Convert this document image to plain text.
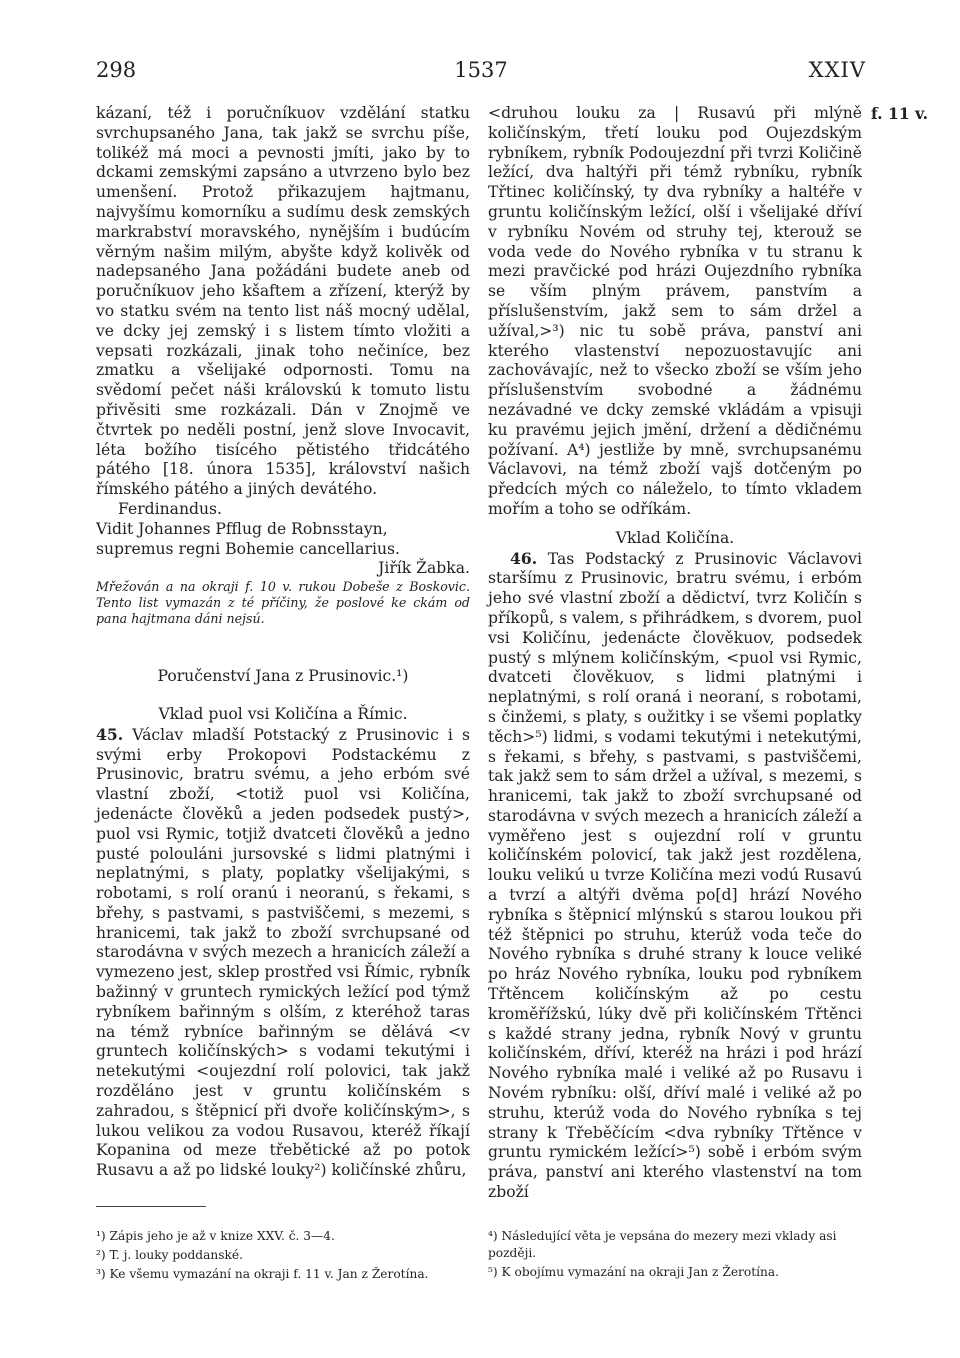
298	1537	XXIV
f. 11 v.

kázaní, též i poručníkuov vzdělání statku svrchupsaného Jana, tak jakž se svrchu píše, tolikéž má moci a pevnosti jmíti, jako by to dckami zemskými zapsáno a utvrzeno bylo bez umenšení. Protož přikazujem hajtmanu, najvyšímu komorníku a sudímu desk zemských markrabství moravského, nynějším i budúcím věrným našim milým, abyšte když kolivěk od nadepsaného Jana požádáni budete aneb od poručníkuov jeho kšaftem a zřízení, kterýž by vo statku svém na tento list náš mocný udělal, ve dcky jej zemský i s listem tímto vložiti a vepsati rozkázali, jinak toho nečiníce, bez zmatku a všelijaké odpornosti. Tomu na svědomí pečet náši královskú k tomuto listu přivěsiti sme rozkázali. Dán v Znojmě ve čtvrtek po neděli postní, jenž slove Invocavit, léta božího tisícého pětistého třidcátého pátého [18. února 1535], království našich římského pátého a jiných devátého.

Ferdinandus.

Vidit Johannes Pfflug de Robnsstayn,

supremus regni Bohemie cancellarius.

Jiřík Žabka.

Mřežován a na okraji f. 10 v. rukou Dobeše z Boskovic. Tento list vymazán z té příčiny, že poslové ke ckám od pana hajtmana dáni nejsú.

Poručenství Jana z Prusinovic.¹)

Vklad puol vsi Količína a Římic.

45. Václav mladší Potstacký z Prusinovic i s svými erby Prokopovi Podstackému z Prusinovic, bratru svému, a jeho erbóm své vlastní zboží, <totiž puol vsi Količína, jedenácte člověků a jeden podsedek pustý>, puol vsi Rymic, totjiž dvatceti člověků a jedno pusté polouláni jursovské s lidmi platnými i neplatnými, s platy, poplatky všelijakými, s robotami, s rolí oranú i neoranú, s řekami, s břehy, s pastvami, s pastviščemi, s mezemi, s hranicemi, tak jakž to zboží svrchupsané od starodávna v svých mezech a hranicích záleží a vymezeno jest, sklep prostřed vsi Římic, rybník bažinný v gruntech rymických ležící pod týmž rybníkem bařinným s olším, z kteréhož taras na témž rybníce bařinným se dělává <v gruntech količínských> s vodami tekutými i netekutými <oujezdní rolí polovici, tak jakž rozděláno jest v gruntu količínském s zahradou, s štěpnicí při dvoře količínským>, s lukou velikou za vodou Rusavou, kteréž říkají Kopanina od meze třebětické až po potok Rusavu a až po lidské louky²) količínské zhůru,

<druhou louku za | Rusavú při mlýně količínským, třetí louku pod Oujezdským rybníkem, rybník Podoujezdní při tvrzi Količině ležící, dva haltýři při témž rybníku, rybník Třtinec količínský, ty dva rybníky a haltéře v gruntu količínským ležící, olší i všelijaké dříví v rybníku Novém od struhy tej, kterouž se voda vede do Nového rybníka v tu stranu k mezi pravčické pod hrázi Oujezdního rybníka se vším plným právem, panstvím a příslušenstvím, jakž sem to sám držel a užíval,>³) nic tu sobě práva, panství ani kterého vlastenství nepozuostavujíc ani zachovávajíc, než to všecko zboží se vším jeho příslušenstvím svobodné a žádnému nezávadné ve dcky zemské vkládám a vpisuji ku pravému jejich jmění, držení a dědičnému požívaní. A⁴) jestliže by mně, svrchupsanému Václavovi, na témž zboží vajš dotčeným po předcích mých co náleželo, to tímto vkladem mořím a toho se odříkám.

Vklad Količína.

46. Tas Podstacký z Prusinovic Václavovi staršímu z Prusinovic, bratru svému, i erbóm jeho své vlastní zboží a dědictví, tvrz Količín s příkopů, s valem, s přihrádkem, s dvorem, puol vsi Količínu, jedenácte člověkuov, podsedek pustý s mlýnem količínským, <puol vsi Rymic, dvatceti člověkuov, s lidmi platnými i neplatnými, s rolí oraná i neoraní, s robotami, s činžemi, s platy, s oužitky i se všemi poplatky těch>⁵) lidmi, s vodami tekutými i netekutými, s řekami, s břehy, s pastvami, s pastviščemi, tak jakž sem to sám držel a užíval, s mezemi, s hranicemi, tak jakž to zboží svrchupsané od starodávna v svých mezech a hranicích záleží a vyměřeno jest s oujezdní rolí v gruntu količínském polovicí, tak jakž jest rozdělena, louku velikú u tvrze Količína mezi vodú Rusavú a tvrzí a altýři dvěma po[d] hrází Nového rybníka s štěpnicí mlýnskú s starou loukou při též štěpnici po struhu, kterúž voda teče do Nového rybníka s druhé strany k louce veliké po hráz Nového rybníka, louku pod rybníkem Třtěncem količínským až po cestu kroměřížskú, lúky dvě při količínském Třtěnci s každé strany jedna, rybník Nový v gruntu količínském, dříví, kteréž na hrázi i pod hrází Nového rybníka malé i veliké až po Rusavu i Novém rybníku: olší, dříví malé i veliké až po struhu, kterúž voda do Nového rybníka s tej strany k Třeběčícím <dva rybníky Třtěnce v gruntu rymickém ležící>⁵) sobě i erbóm svým práva, panství ani kterého vlastenství na tom zboží

¹) Zápis jeho je až v knize XXV. č. 3—4.

²) T. j. louky poddanské.

³) Ke všemu vymazání na okraji f. 11 v. Jan z Žerotína.

⁴) Následující věta je vepsána do mezery mezi vklady asi později.

⁵) K obojímu vymazání na okraji Jan z Žerotína.
